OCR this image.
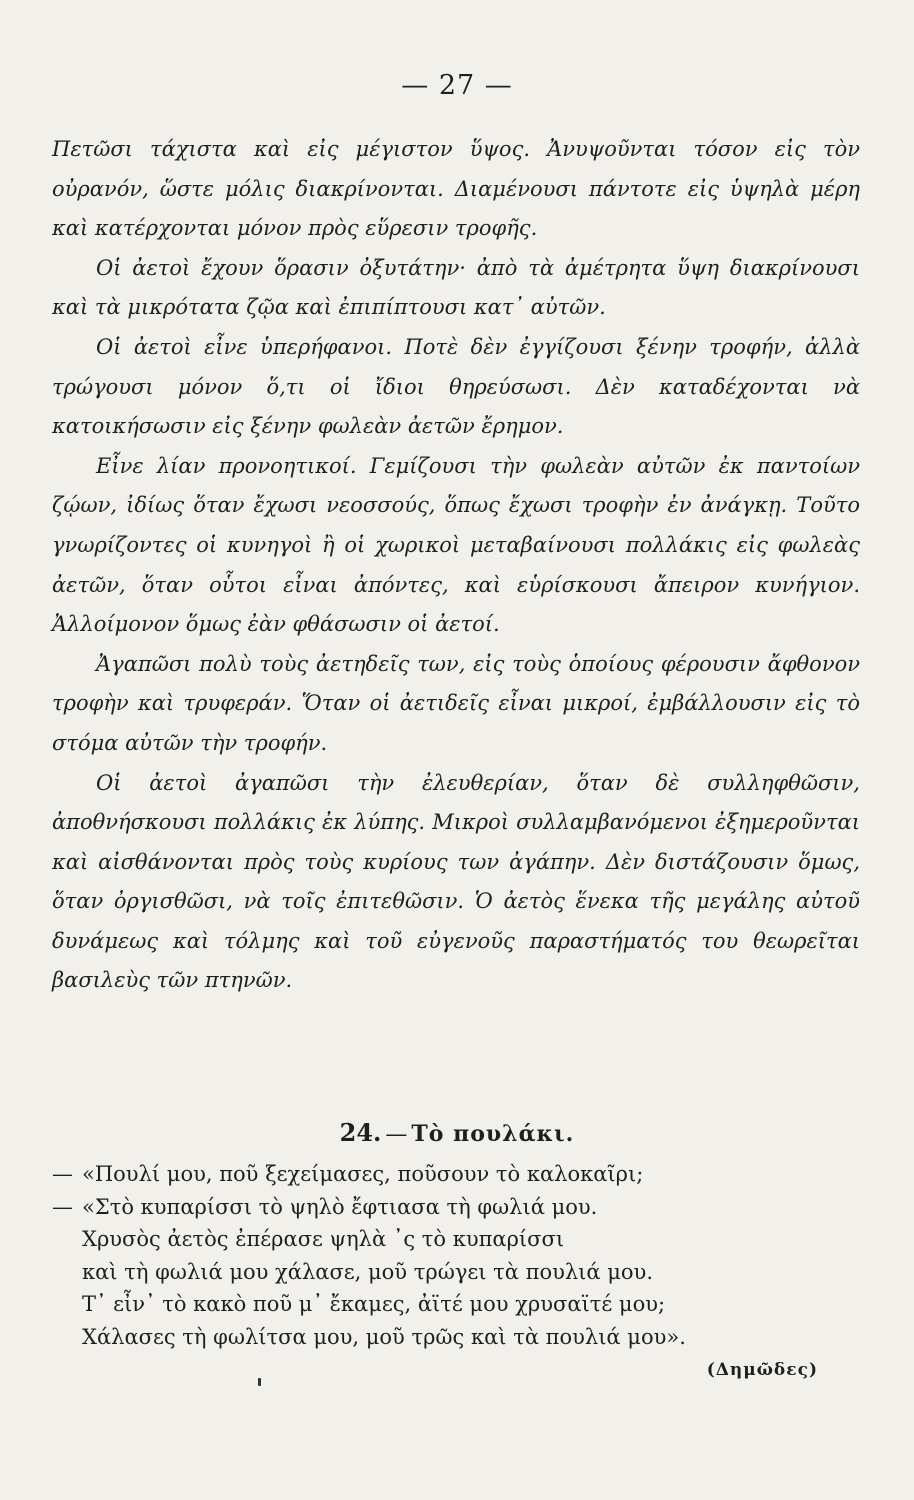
— 27 —

Πετῶσι τάχιστα καὶ εἰς μέγιστον ὕψος. Ἀνυψοῦνται τόσον εἰς τὸν οὐρανόν, ὥστε μόλις διακρίνονται. Διαμένουσι πάντοτε εἰς ὑψηλὰ μέρη καὶ κατέρχονται μόνον πρὸς εὕρεσιν τροφῆς.

Οἱ ἀετοὶ ἔχουν ὅρασιν ὀξυτάτην· ἀπὸ τὰ ἀμέτρητα ὕψη διακρίνουσι καὶ τὰ μικρότατα ζῷα καὶ ἐπιπίπτουσι κατ᾽ αὐτῶν.

Οἱ ἀετοὶ εἶνε ὑπερήφανοι. Ποτὲ δὲν ἐγγίζουσι ξένην τροφήν, ἀλλὰ τρώγουσι μόνον ὅ,τι οἱ ἴδιοι θηρεύσωσι. Δὲν καταδέχονται νὰ κατοικήσωσιν εἰς ξένην φωλεὰν ἀετῶν ἔρημον.

Εἶνε λίαν προνοητικοί. Γεμίζουσι τὴν φωλεὰν αὐτῶν ἐκ παντοίων ζῴων, ἰδίως ὅταν ἔχωσι νεοσσούς, ὅπως ἔχωσι τροφὴν ἐν ἀνάγκῃ. Τοῦτο γνωρίζοντες οἱ κυνηγοὶ ἢ οἱ χωρικοὶ μεταβαίνουσι πολλάκις εἰς φωλεὰς ἀετῶν, ὅταν οὗτοι εἶναι ἀπόντες, καὶ εὑρίσκουσι ἄπειρον κυνήγιον. Ἀλλοίμονον ὅμως ἐὰν φθάσωσιν οἱ ἀετοί.

Ἀγαπῶσι πολὺ τοὺς ἀετηδεῖς των, εἰς τοὺς ὁποίους φέρουσιν ἄφθονον τροφὴν καὶ τρυφεράν. Ὅταν οἱ ἀετιδεῖς εἶναι μικροί, ἐμβάλλουσιν εἰς τὸ στόμα αὐτῶν τὴν τροφήν.

Οἱ ἀετοὶ ἀγαπῶσι τὴν ἐλευθερίαν, ὅταν δὲ συλληφθῶσιν, ἀποθνήσκουσι πολλάκις ἐκ λύπης. Μικροὶ συλλαμβανόμενοι ἐξημεροῦνται καὶ αἰσθάνονται πρὸς τοὺς κυρίους των ἀγάπην. Δὲν διστάζουσιν ὅμως, ὅταν ὀργισθῶσι, νὰ τοῖς ἐπιτεθῶσιν. Ὁ ἀετὸς ἕνεκα τῆς μεγάλης αὐτοῦ δυνάμεως καὶ τόλμης καὶ τοῦ εὐγενοῦς παραστήματός του θεωρεῖται βασιλεὺς τῶν πτηνῶν.

24. — Τὸ πουλάκι.
— «Πουλί μου, ποῦ ξεχείμασες, ποῦσουν τὸ καλοκαῖρι;
— «Στὸ κυπαρίσσι τὸ ψηλὸ ἔφτιασα τὴ φωλιά μου.
Χρυσὸς ἀετὸς ἐπέρασε ψηλὰ ᾽ς τὸ κυπαρίσσι
καὶ τὴ φωλιά μου χάλασε, μοῦ τρώγει τὰ πουλιά μου.
Τ᾽ εἶν᾽ τὸ κακὸ ποῦ μ᾽ ἔκαμες, ἀϊτέ μου χρυσαϊτέ μου;
Χάλασες τὴ φωλίτσα μου, μοῦ τρῶς καὶ τὰ πουλιά μου».
(Δημῶδες)
